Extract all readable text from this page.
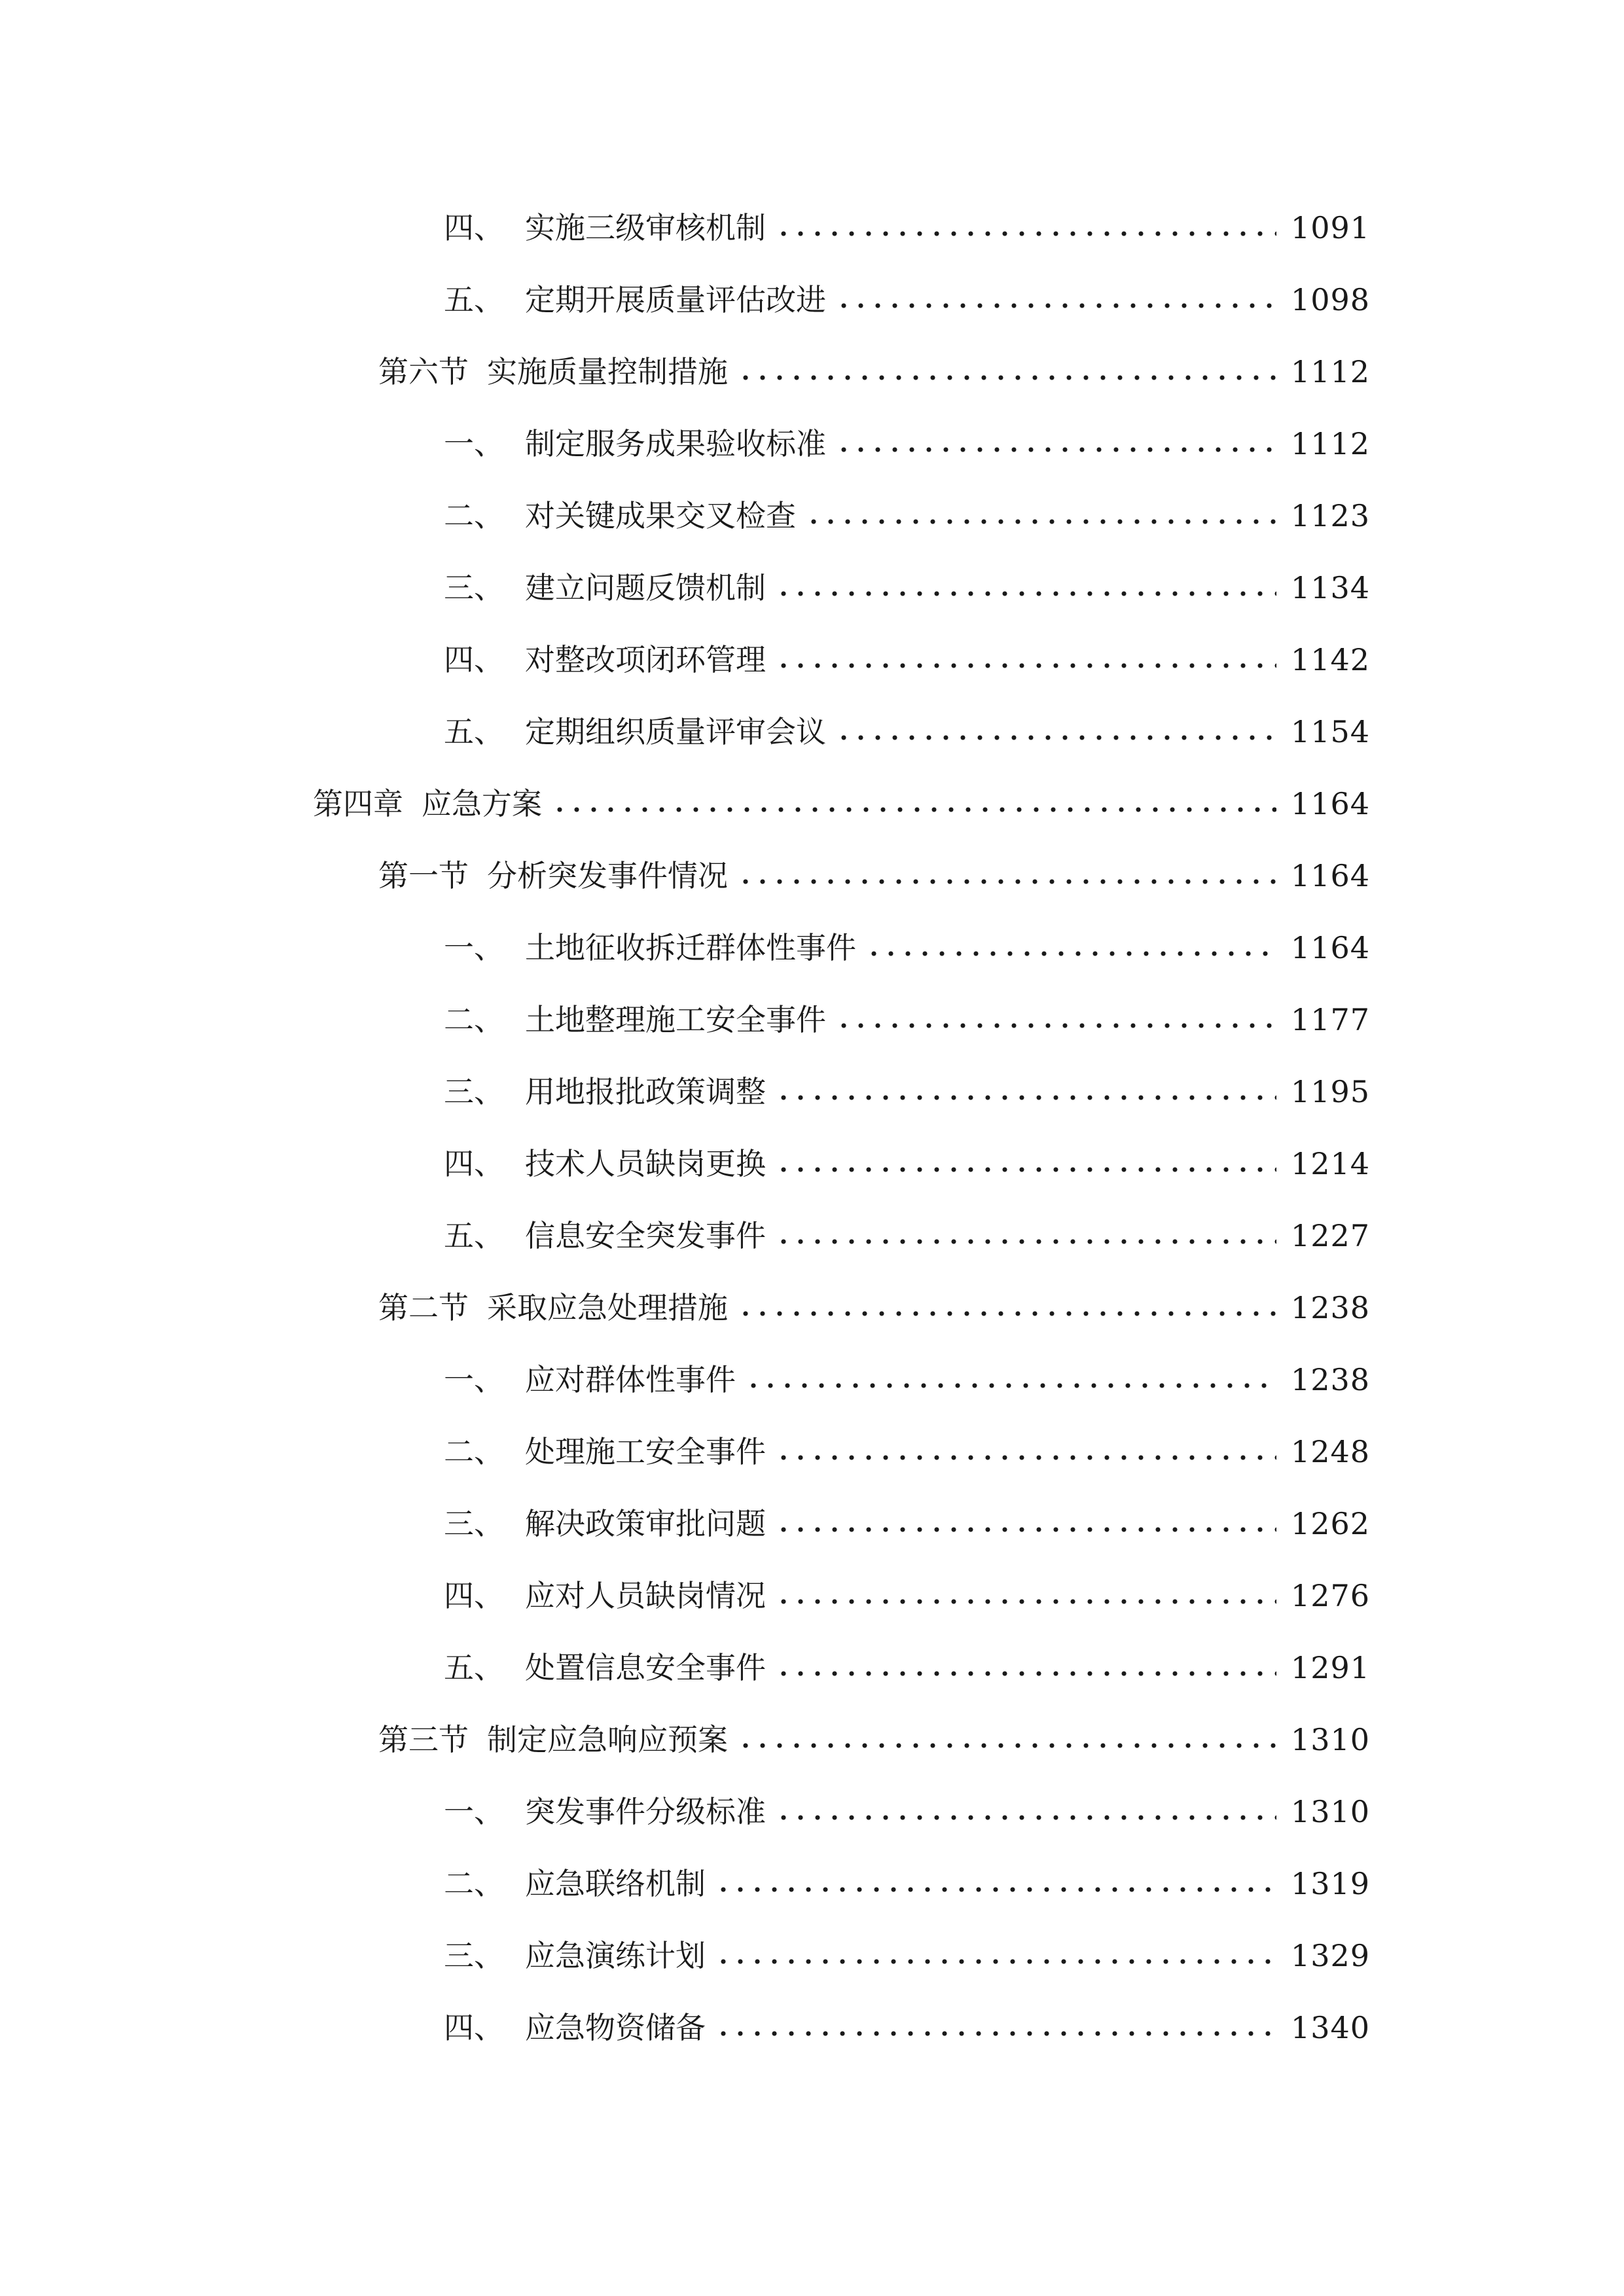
四、 实施三级审核机制	1091
五、 定期开展质量评估改进	1098
第六节 实施质量控制措施	1112
一、 制定服务成果验收标准	1112
二、 对关键成果交叉检查	1123
三、 建立问题反馈机制	1134
四、 对整改项闭环管理	1142
五、 定期组织质量评审会议	1154
第四章 应急方案	1164
第一节 分析突发事件情况	1164
一、 土地征收拆迁群体性事件	1164
二、 土地整理施工安全事件	1177
三、 用地报批政策调整	1195
四、 技术人员缺岗更换	1214
五、 信息安全突发事件	1227
第二节 采取应急处理措施	1238
一、 应对群体性事件	1238
二、 处理施工安全事件	1248
三、 解决政策审批问题	1262
四、 应对人员缺岗情况	1276
五、 处置信息安全事件	1291
第三节 制定应急响应预案	1310
一、 突发事件分级标准	1310
二、 应急联络机制	1319
三、 应急演练计划	1329
四、 应急物资储备	1340
